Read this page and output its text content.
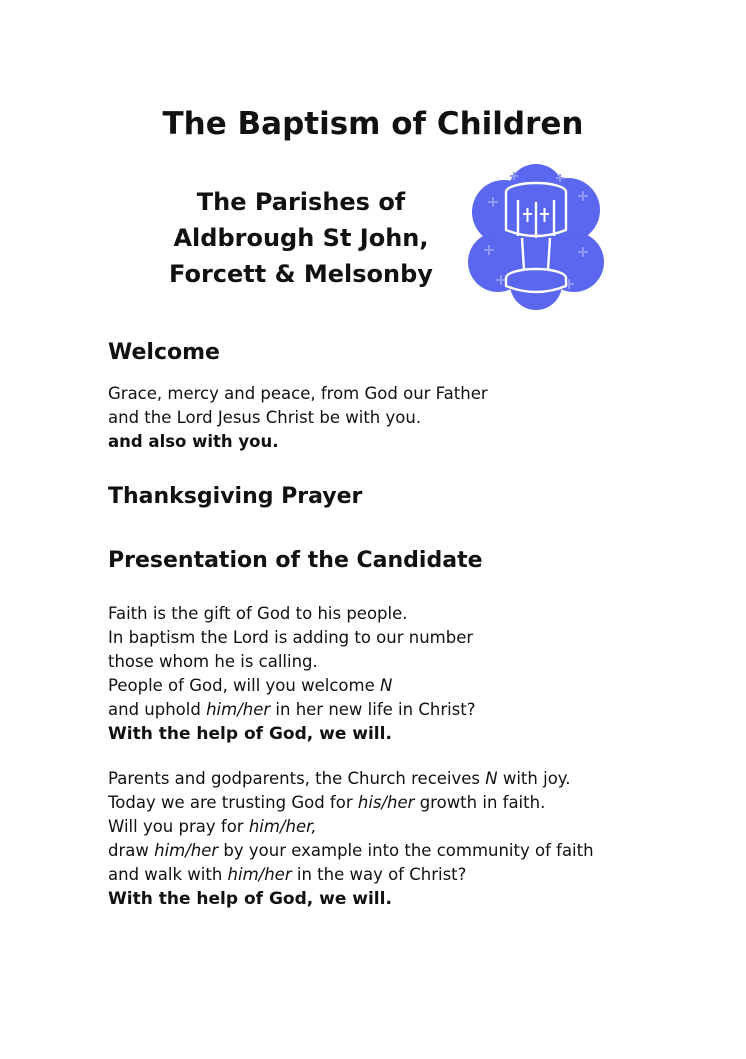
The Baptism of Children
The Parishes of
Aldbrough St John,
Forcett & Melsonby
Welcome
Grace, mercy and peace, from God our Father
and the Lord Jesus Christ be with you.
and also with you.
Thanksgiving Prayer
Presentation of the Candidate
Faith is the gift of God to his people.
In baptism the Lord is adding to our number
those whom he is calling.
People of God, will you welcome N
and uphold him/her in her new life in Christ?
With the help of God, we will.
Parents and godparents, the Church receives N with joy.
Today we are trusting God for his/her growth in faith.
Will you pray for him/her,
draw him/her by your example into the community of faith
and walk with him/her in the way of Christ?
With the help of God, we will.
